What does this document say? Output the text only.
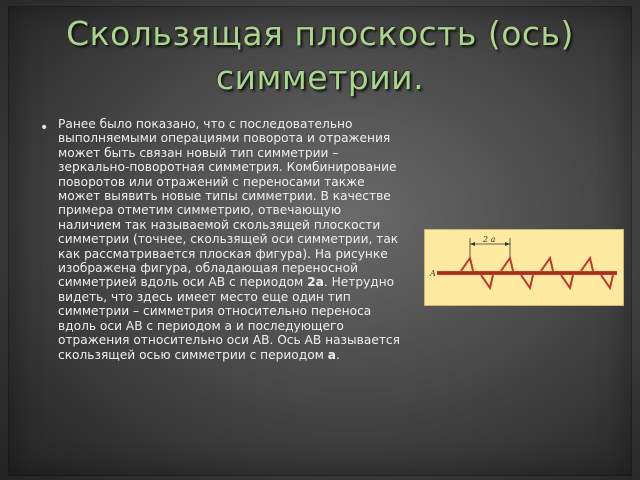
Скользящая плоскость (ось)
симметрии.
• Ранее было показано, что с последовательно выполняемыми операциями поворота и отражения может быть связан новый тип симметрии – зеркально-поворотная симметрия. Комбинирование поворотов или отражений с переносами также может выявить новые типы симметрии. В качестве примера отметим симметрию, отвечающую наличием так называемой скользящей плоскости симметрии (точнее, скользящей оси симметрии, так как рассматривается плоская фигура). На рисунке изображена фигура, обладающая переносной симметрией вдоль оси АВ с периодом 2а. Нетрудно видеть, что здесь имеет место еще один тип симметрии – симметрия относительно переноса вдоль оси АВ с периодом а и последующего отражения относительно оси АВ. Ось АВ называется скользящей осью симметрии с периодом а.

2 а
A
